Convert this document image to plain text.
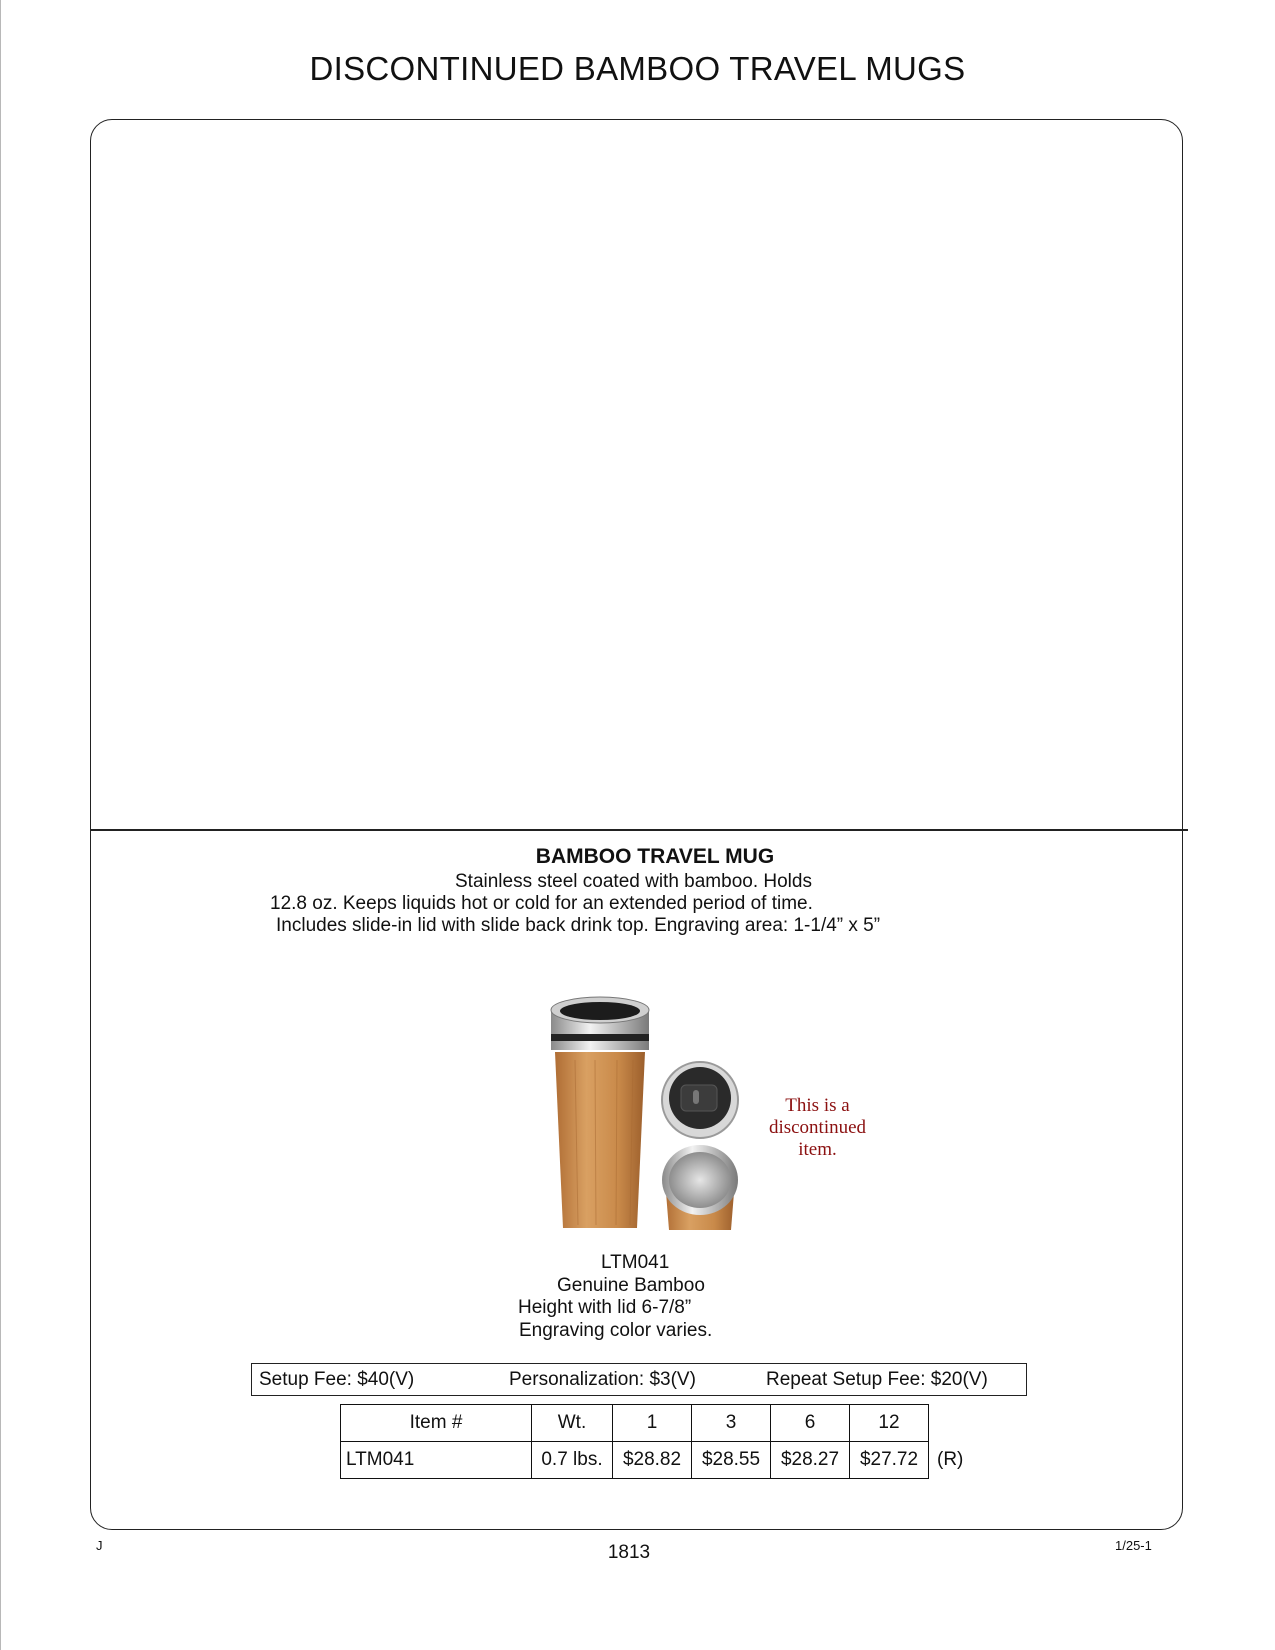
DISCONTINUED BAMBOO TRAVEL MUGS
BAMBOO TRAVEL MUG
Stainless steel coated with bamboo. Holds
12.8 oz. Keeps liquids hot or cold for an extended period of time.
Includes slide-in lid with slide back drink top. Engraving area: 1-1/4” x 5”
This is a
discontinued
item.
LTM041
Genuine Bamboo
Height with lid 6-7/8”
Engraving color varies.
Setup Fee: $40(V)	Personalization: $3(V)	Repeat Setup Fee: $20(V)
Item #	Wt.	1	3	6	12
LTM041	0.7 lbs.	$28.82	$28.55	$28.27	$27.72 (R)
J	1813	1/25-1
